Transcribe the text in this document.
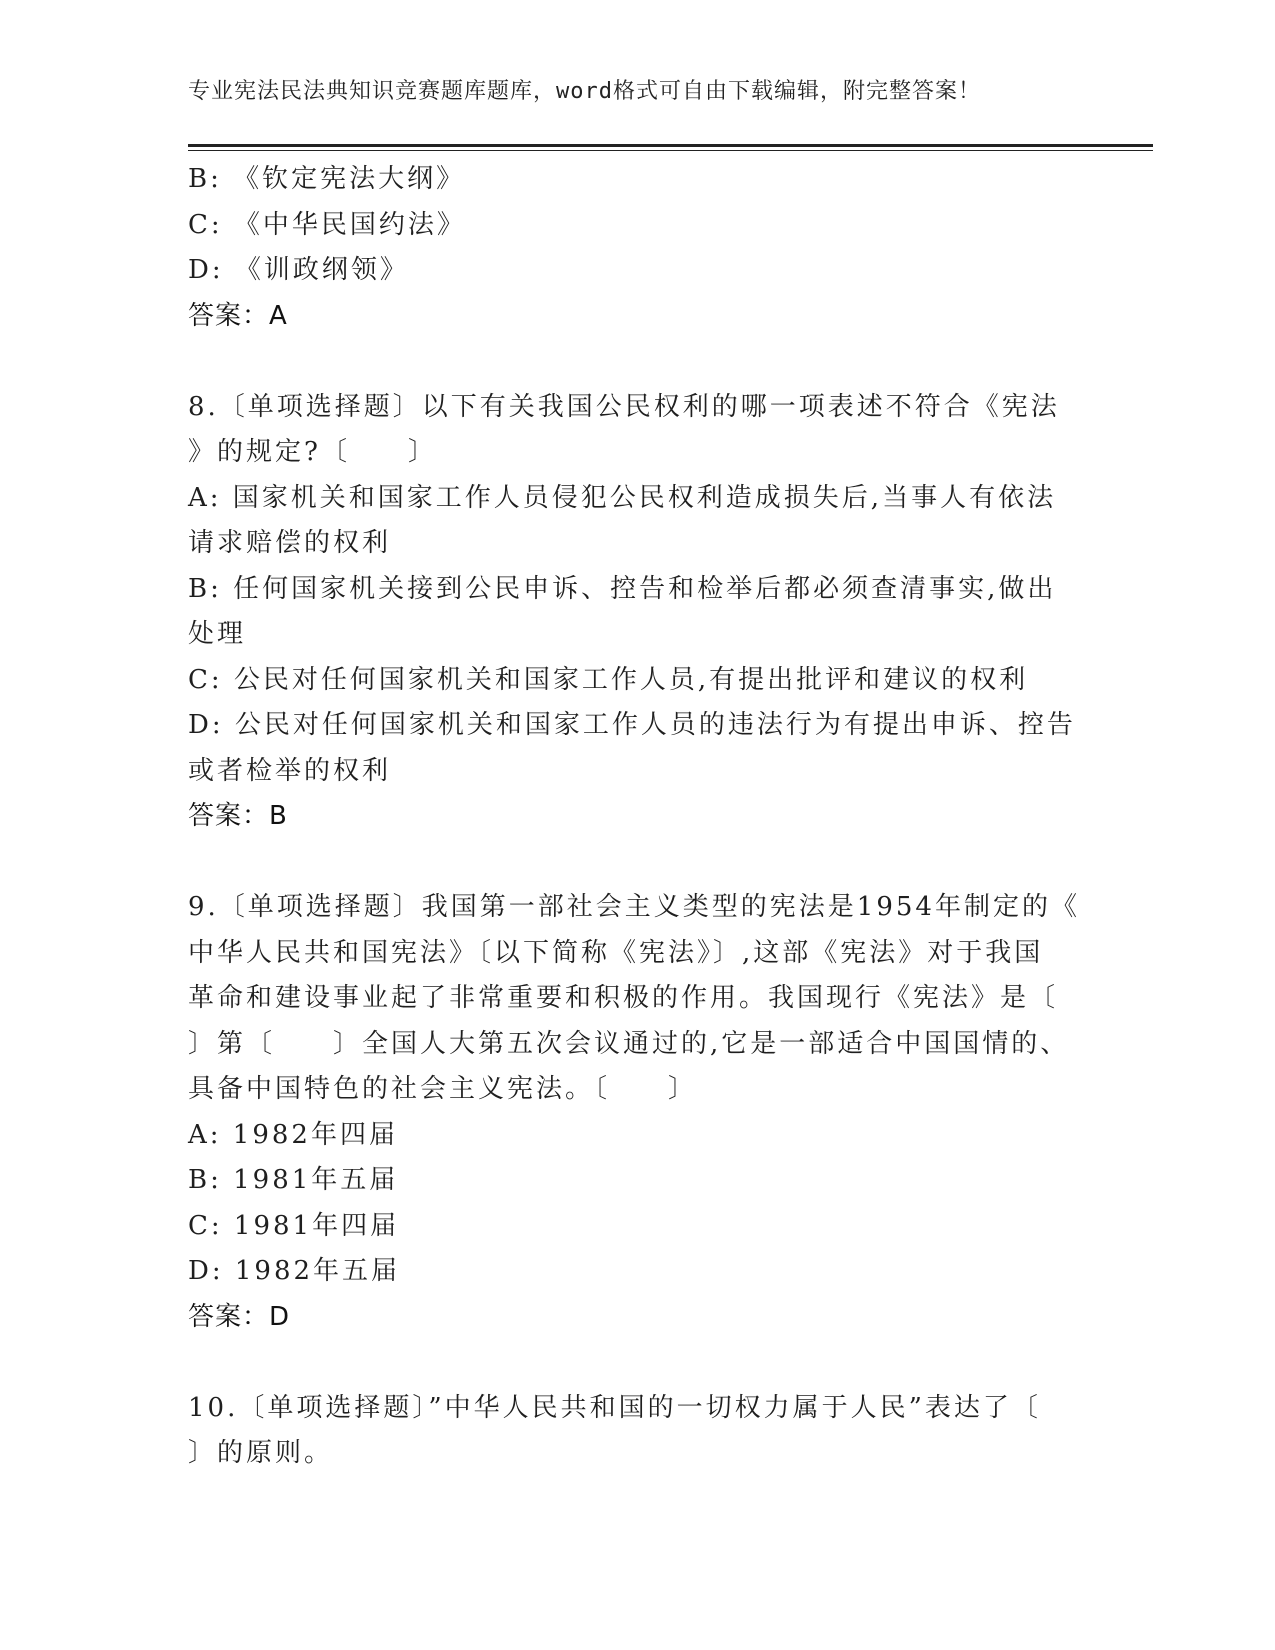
专业宪法民法典知识竞赛题库题库，word格式可自由下载编辑，附完整答案！
B: 《钦定宪法大纲》
C: 《中华民国约法》
D: 《训政纲领》
答案：A
8.〔单项选择题〕以下有关我国公民权利的哪一项表述不符合《宪法
》的规定?〔　　〕
A: 国家机关和国家工作人员侵犯公民权利造成损失后,当事人有依法
请求赔偿的权利
B: 任何国家机关接到公民申诉、控告和检举后都必须查清事实,做出
处理
C: 公民对任何国家机关和国家工作人员,有提出批评和建议的权利
D: 公民对任何国家机关和国家工作人员的违法行为有提出申诉、控告
或者检举的权利
答案：B
9.〔单项选择题〕我国第一部社会主义类型的宪法是1954年制定的《
中华人民共和国宪法》〔以下简称《宪法》〕,这部《宪法》对于我国
革命和建设事业起了非常重要和积极的作用。我国现行《宪法》是〔
〕第〔　　〕全国人大第五次会议通过的,它是一部适合中国国情的、
具备中国特色的社会主义宪法。〔　　〕
A: 1982年四届
B: 1981年五届
C: 1981年四届
D: 1982年五届
答案：D
10.〔单项选择题〕”中华人民共和国的一切权力属于人民”表达了〔
〕的原则。
